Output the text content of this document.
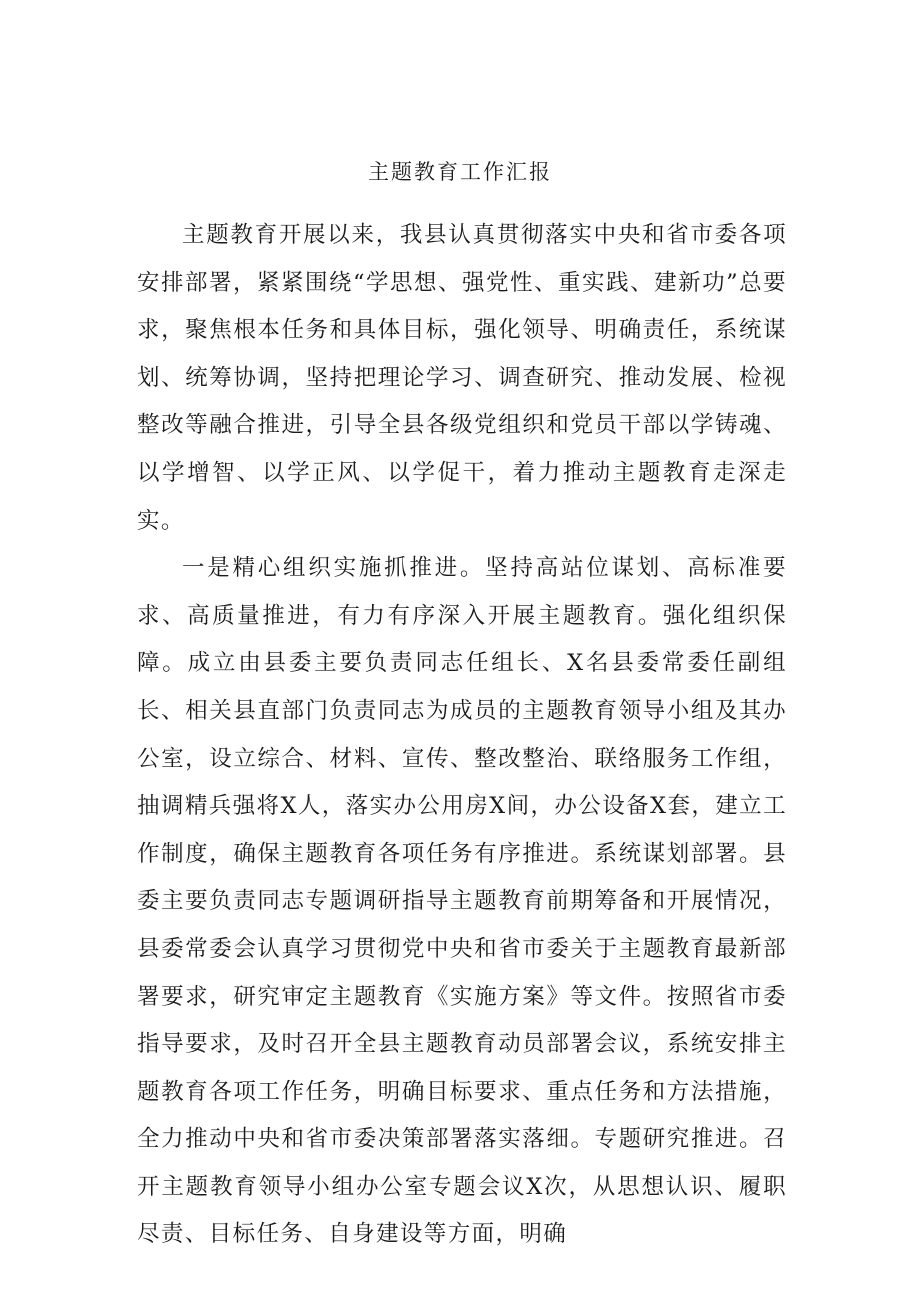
主题教育工作汇报

主题教育开展以来，我县认真贯彻落实中央和省市委各项安排部署，紧紧围绕“学思想、强党性、重实践、建新功”总要求，聚焦根本任务和具体目标，强化领导、明确责任，系统谋划、统筹协调，坚持把理论学习、调查研究、推动发展、检视整改等融合推进，引导全县各级党组织和党员干部以学铸魂、以学增智、以学正风、以学促干，着力推动主题教育走深走实。

一是精心组织实施抓推进。坚持高站位谋划、高标准要求、高质量推进，有力有序深入开展主题教育。强化组织保障。成立由县委主要负责同志任组长、X名县委常委任副组长、相关县直部门负责同志为成员的主题教育领导小组及其办公室，设立综合、材料、宣传、整改整治、联络服务工作组，抽调精兵强将X人，落实办公用房X间，办公设备X套，建立工作制度，确保主题教育各项任务有序推进。系统谋划部署。县委主要负责同志专题调研指导主题教育前期筹备和开展情况，县委常委会认真学习贯彻党中央和省市委关于主题教育最新部署要求，研究审定主题教育《实施方案》等文件。按照省市委指导要求，及时召开全县主题教育动员部署会议，系统安排主题教育各项工作任务，明确目标要求、重点任务和方法措施，全力推动中央和省市委决策部署落实落细。专题研究推进。召开主题教育领导小组办公室专题会议X次，从思想认识、履职尽责、目标任务、自身建设等方面，明确
